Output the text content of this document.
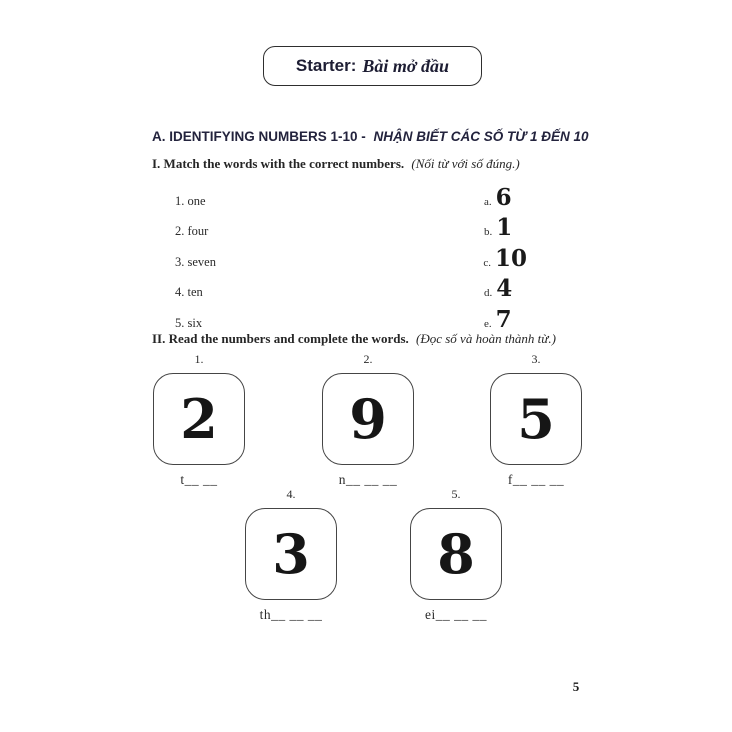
Starter: Bài mở đầu
A. IDENTIFYING NUMBERS 1-10 - NHẬN BIẾT CÁC SỐ TỪ 1 ĐẾN 10
I. Match the words with the correct numbers. (Nối từ với số đúng.)
1. one	a. 6
2. four	b. 1
3. seven	c. 10
4. ten	d. 4
5. six	e. 7
II. Read the numbers and complete the words. (Đọc số và hoàn thành từ.)
1.
2
t__ __
2.
9
n__ __ __
3.
5
f__ __ __
4.
3
th__ __ __
5.
8
ei__ __ __
5
